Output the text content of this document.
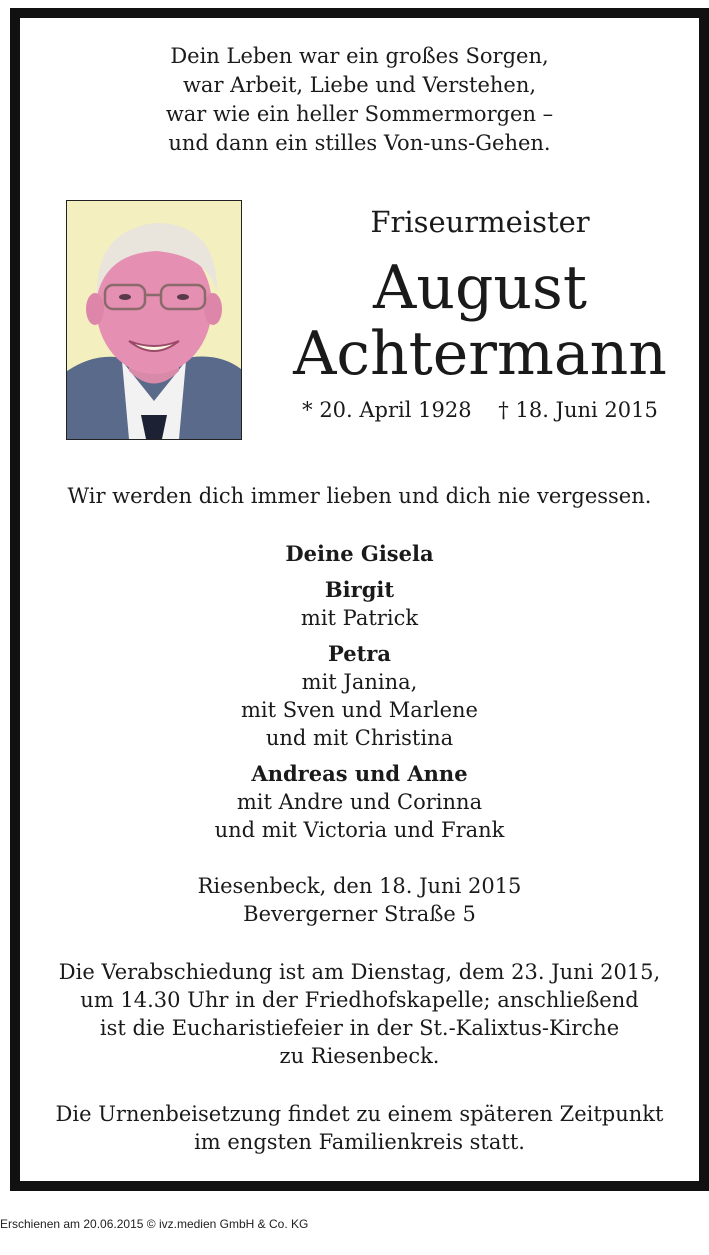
Dein Leben war ein großes Sorgen,
war Arbeit, Liebe und Verstehen,
war wie ein heller Sommermorgen –
und dann ein stilles Von-uns-Gehen.
Friseurmeister
August
Achtermann
* 20. April 1928 † 18. Juni 2015
Wir werden dich immer lieben und dich nie vergessen.
Deine Gisela
Birgit
mit Patrick
Petra
mit Janina,
mit Sven und Marlene
und mit Christina
Andreas und Anne
mit Andre und Corinna
und mit Victoria und Frank
Riesenbeck, den 18. Juni 2015
Bevergerner Straße 5
Die Verabschiedung ist am Dienstag, dem 23. Juni 2015,
um 14.30 Uhr in der Friedhofskapelle; anschließend
ist die Eucharistiefeier in der St.-Kalixtus-Kirche
zu Riesenbeck.
Die Urnenbeisetzung findet zu einem späteren Zeitpunkt
im engsten Familienkreis statt.
Erschienen am 20.06.2015 © ivz.medien GmbH & Co. KG
